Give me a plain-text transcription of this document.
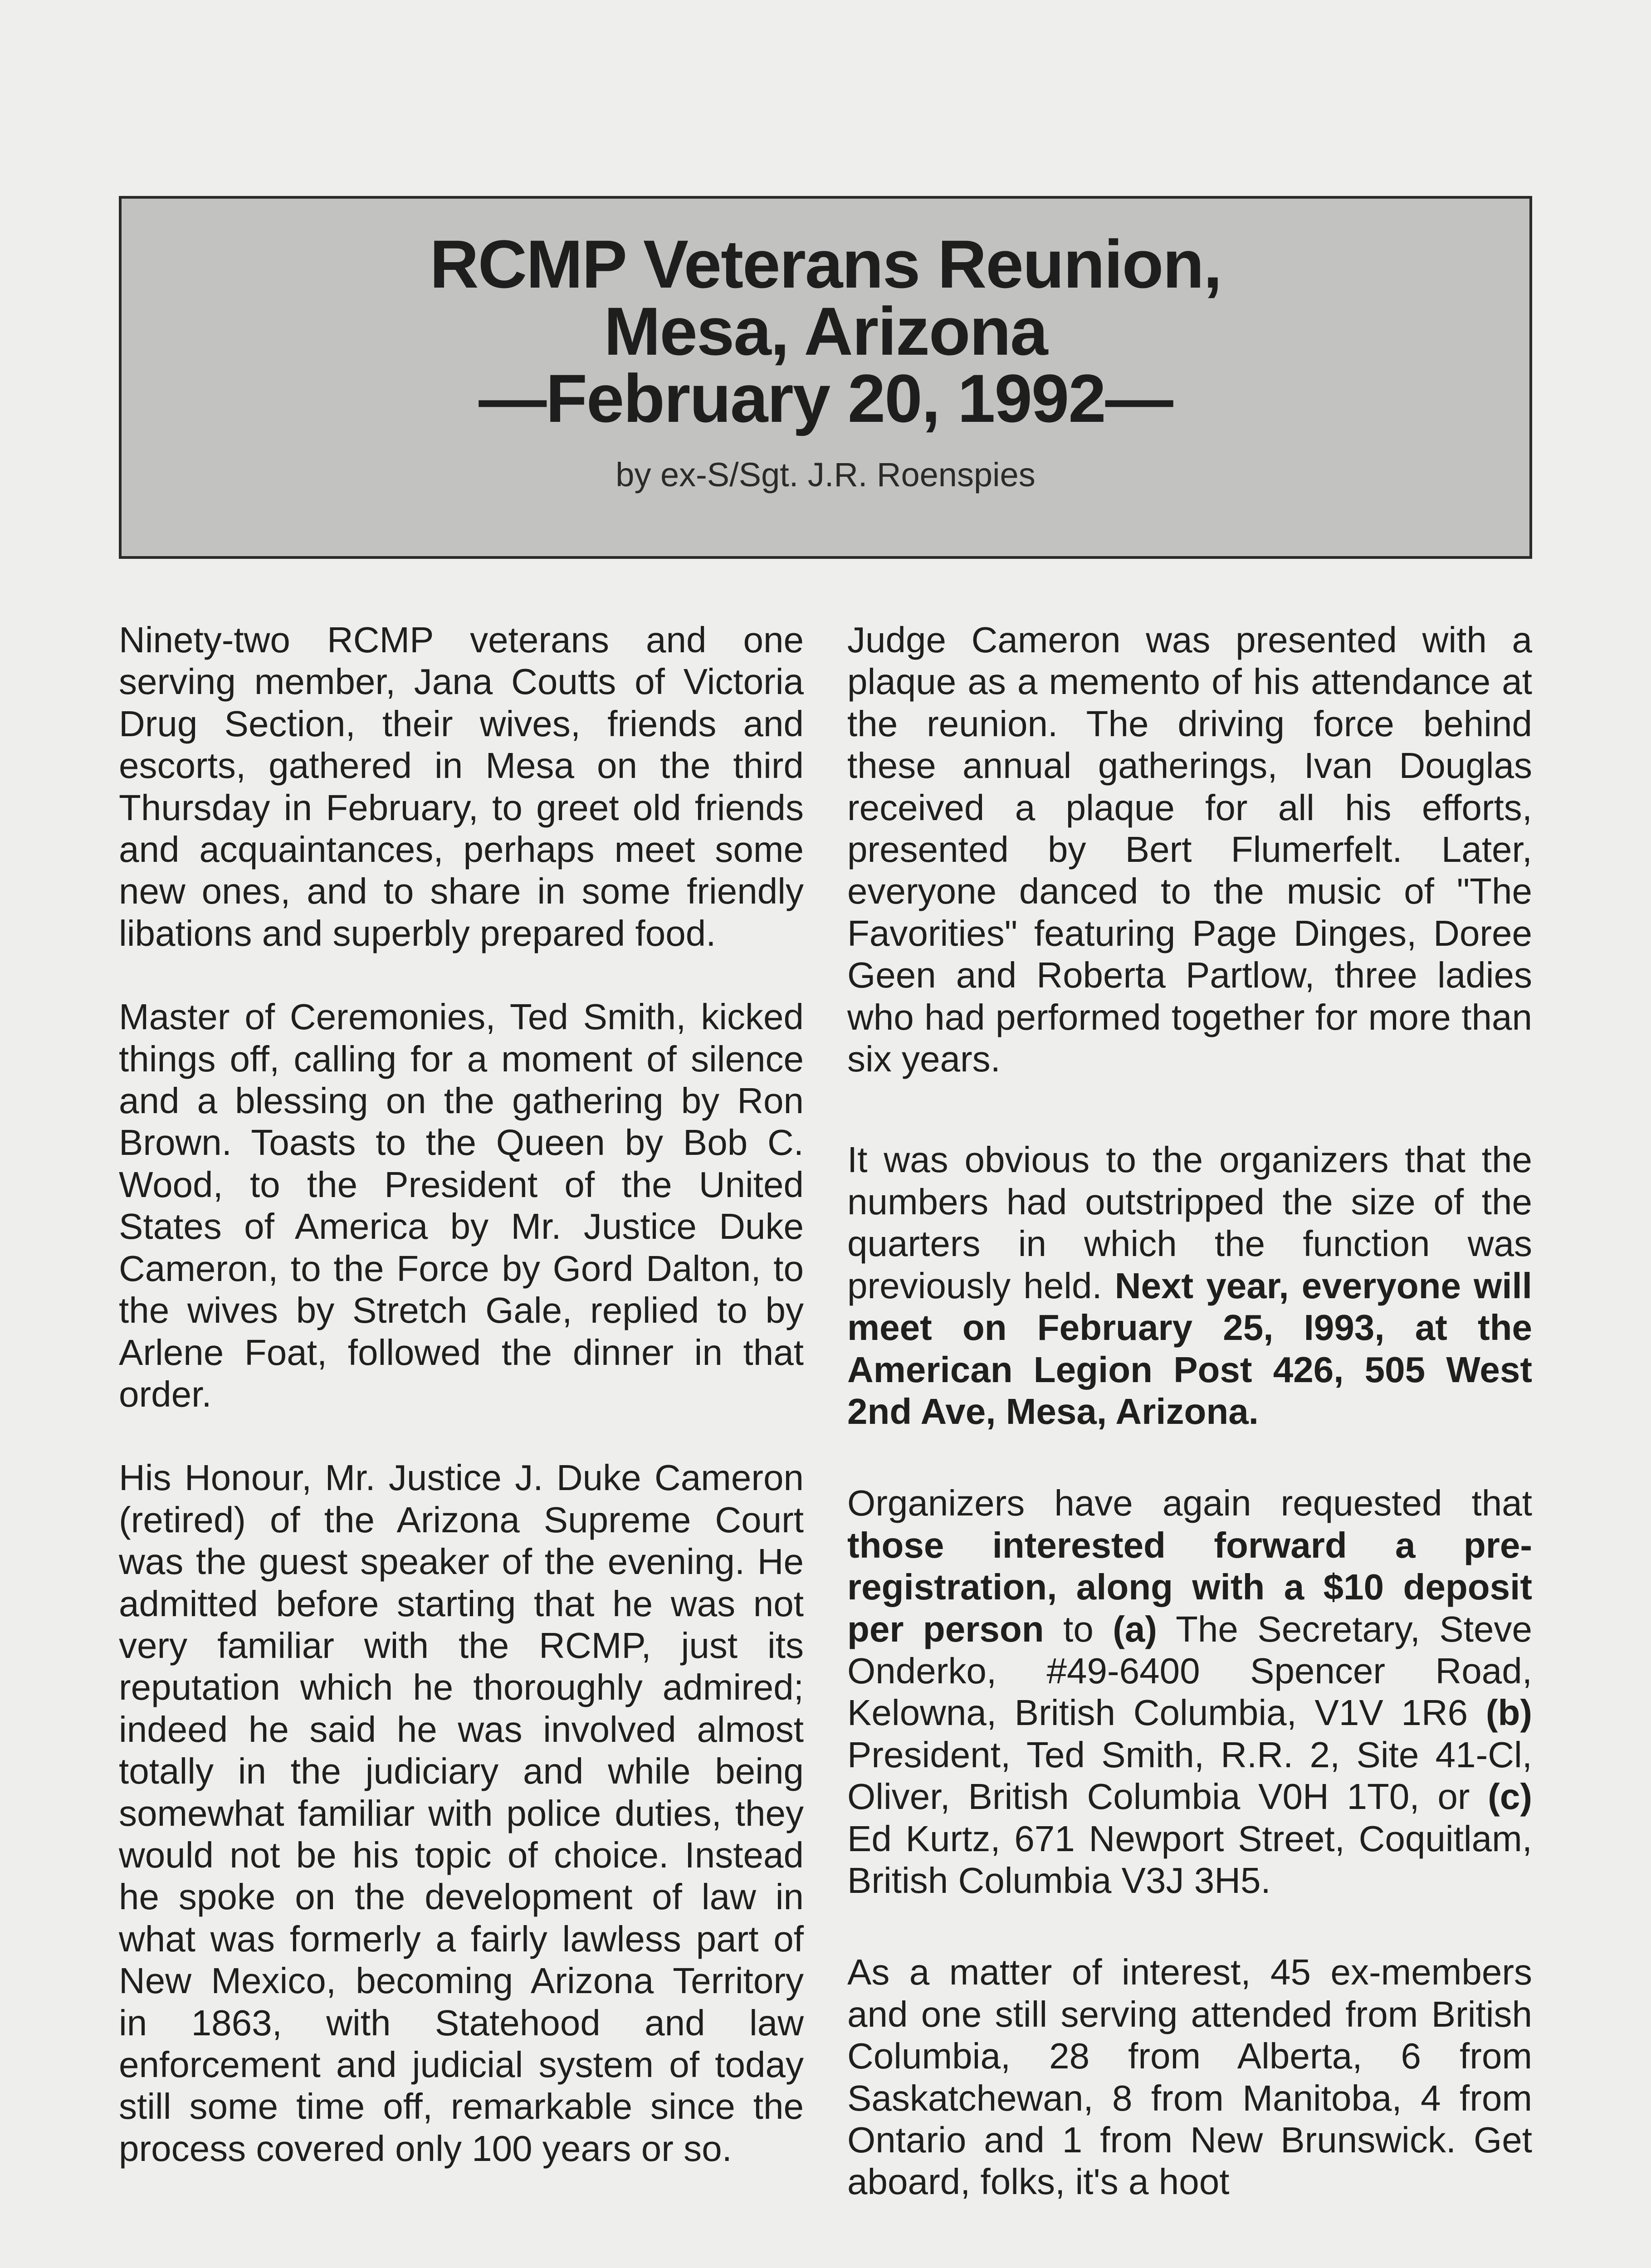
RCMP Veterans Reunion,
Mesa, Arizona
—February 20, 1992—
by ex-S/Sgt. J.R. Roenspies

Ninety-two RCMP veterans and one serving member, Jana Coutts of Victoria Drug Section, their wives, friends and escorts, gathered in Mesa on the third Thursday in February, to greet old friends and acquaintances, perhaps meet some new ones, and to share in some friendly libations and superbly prepared food.

Master of Ceremonies, Ted Smith, kicked things off, calling for a moment of silence and a blessing on the gathering by Ron Brown. Toasts to the Queen by Bob C. Wood, to the President of the United States of America by Mr. Justice Duke Cameron, to the Force by Gord Dalton, to the wives by Stretch Gale, replied to by Arlene Foat, followed the dinner in that order.

His Honour, Mr. Justice J. Duke Cameron (retired) of the Arizona Supreme Court was the guest speaker of the evening. He admitted before starting that he was not very familiar with the RCMP, just its reputation which he thoroughly admired; indeed he said he was involved almost totally in the judiciary and while being somewhat familiar with police duties, they would not be his topic of choice. Instead he spoke on the development of law in what was formerly a fairly lawless part of New Mexico, becoming Arizona Territory in 1863, with Statehood and law enforcement and judicial system of today still some time off, remarkable since the process covered only 100 years or so.

Judge Cameron was presented with a plaque as a memento of his attendance at the reunion. The driving force behind these annual gatherings, Ivan Douglas received a plaque for all his efforts, presented by Bert Flumerfelt. Later, everyone danced to the music of "The Favorities" featuring Page Dinges, Doree Geen and Roberta Partlow, three ladies who had performed together for more than six years.

It was obvious to the organizers that the numbers had outstripped the size of the quarters in which the function was previously held. Next year, everyone will meet on February 25, I993, at the American Legion Post 426, 505 West 2nd Ave, Mesa, Arizona.

Organizers have again requested that those interested forward a pre-registration, along with a $10 deposit per person to (a) The Secretary, Steve Onderko, #49-6400 Spencer Road, Kelowna, British Columbia, V1V 1R6 (b) President, Ted Smith, R.R. 2, Site 41-Cl, Oliver, British Columbia V0H 1T0, or (c) Ed Kurtz, 671 Newport Street, Coquitlam, British Columbia V3J 3H5.

As a matter of interest, 45 ex-members and one still serving attended from British Columbia, 28 from Alberta, 6 from Saskatchewan, 8 from Manitoba, 4 from Ontario and 1 from New Brunswick. Get aboard, folks, it's a hoot
